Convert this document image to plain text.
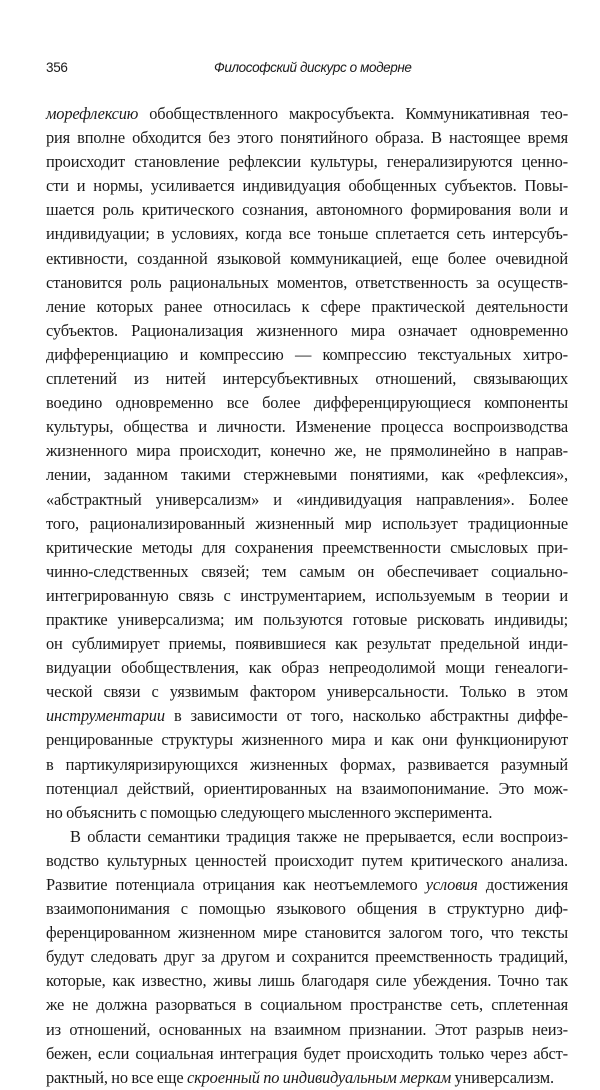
356	Философский дискурс о модерне
морефлексию обобществленного макросубъекта. Коммуникативная тео-
рия вполне обходится без этого понятийного образа. В настоящее время
происходит становление рефлексии культуры, генерализируются ценно-
сти и нормы, усиливается индивидуация обобщенных субъектов. Повы-
шается роль критического сознания, автономного формирования воли и
индивидуации; в условиях, когда все тоньше сплетается сеть интерсубъ-
ективности, созданной языковой коммуникацией, еще более очевидной
становится роль рациональных моментов, ответственность за осуществ-
ление которых ранее относилась к сфере практической деятельности
субъектов. Рационализация жизненного мира означает одновременно
дифференциацию и компрессию — компрессию текстуальных хитро-
сплетений из нитей интерсубъективных отношений, связывающих
воедино одновременно все более дифференцирующиеся компоненты
культуры, общества и личности. Изменение процесса воспроизводства
жизненного мира происходит, конечно же, не прямолинейно в направ-
лении, заданном такими стержневыми понятиями, как «рефлексия»,
«абстрактный универсализм» и «индивидуация направления». Более
того, рационализированный жизненный мир использует традиционные
критические методы для сохранения преемственности смысловых при-
чинно-следственных связей; тем самым он обеспечивает социально-
интегрированную связь с инструментарием, используемым в теории и
практике универсализма; им пользуются готовые рисковать индивиды;
он сублимирует приемы, появившиеся как результат предельной инди-
видуации обобществления, как образ непреодолимой мощи генеалоги-
ческой связи с уязвимым фактором универсальности. Только в этом
инструментарии в зависимости от того, насколько абстрактны диффе-
ренцированные структуры жизненного мира и как они функционируют
в партикуляризирующихся жизненных формах, развивается разумный
потенциал действий, ориентированных на взаимопонимание. Это мож-
но объяснить с помощью следующего мысленного эксперимента.
В области семантики традиция также не прерывается, если воспроиз-
водство культурных ценностей происходит путем критического анализа.
Развитие потенциала отрицания как неотъемлемого условия достижения
взаимопонимания с помощью языкового общения в структурно диф-
ференцированном жизненном мире становится залогом того, что тексты
будут следовать друг за другом и сохранится преемственность традиций,
которые, как известно, живы лишь благодаря силе убеждения. Точно так
же не должна разорваться в социальном пространстве сеть, сплетенная
из отношений, основанных на взаимном признании. Этот разрыв неиз-
бежен, если социальная интеграция будет происходить только через абст-
рактный, но все еще скроенный по индивидуальным меркам универсализм.
